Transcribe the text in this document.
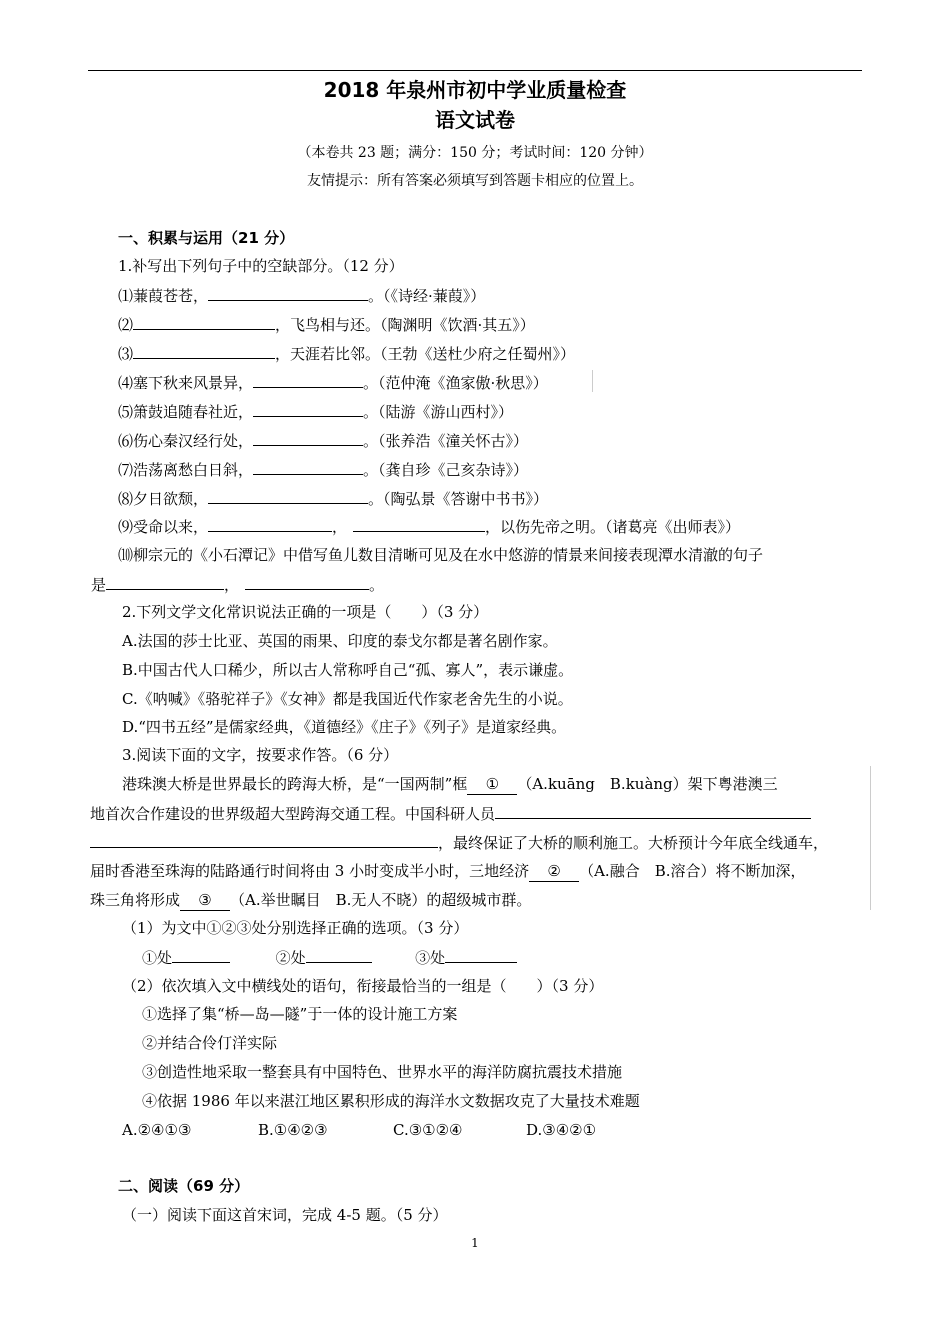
2018 年泉州市初中学业质量检查
语文试卷
（本卷共 23 题；满分：150 分；考试时间：120 分钟）
友情提示：所有答案必须填写到答题卡相应的位置上。
一、积累与运用（21 分）
1.补写出下列句子中的空缺部分。（12 分）
⑴蒹葭苍苍，	。（《诗经·蒹葭》）
⑵	，飞鸟相与还。（陶渊明《饮酒·其五》）
⑶	，天涯若比邻。（王勃《送杜少府之任蜀州》）
⑷塞下秋来风景异，	。（范仲淹《渔家傲·秋思》）
⑸箫鼓追随春社近，	。（陆游《游山西村》）
⑹伤心秦汉经行处，	。（张养浩《潼关怀古》）
⑺浩荡离愁白日斜，	。（龚自珍《己亥杂诗》）
⑻夕日欲颓，	。（陶弘景《答谢中书书》）
⑼受命以来，	，	，以伤先帝之明。（诸葛亮《出师表》）
⑽柳宗元的《小石潭记》中借写鱼儿数目清晰可见及在水中悠游的情景来间接表现潭水清澈的句子
是	，	。
2.下列文学文化常识说法正确的一项是（　　）（3 分）
A.法国的莎士比亚、英国的雨果、印度的泰戈尔都是著名剧作家。
B.中国古代人口稀少，所以古人常称呼自己“孤、寡人”，表示谦虚。
C.《呐喊》《骆驼祥子》《女神》都是我国近代作家老舍先生的小说。
D.“四书五经”是儒家经典，《道德经》《庄子》《列子》是道家经典。
3.阅读下面的文字，按要求作答。（6 分）
港珠澳大桥是世界最长的跨海大桥，是“一国两制”框 ① （A.kuāng　B.kuàng）架下粤港澳三
地首次合作建设的世界级超大型跨海交通工程。中国科研人员
，最终保证了大桥的顺利施工。大桥预计今年底全线通车，
届时香港至珠海的陆路通行时间将由 3 小时变成半小时，三地经济 ② （A.融合　B.溶合）将不断加深，
珠三角将形成 ③ （A.举世瞩目　B.无人不晓）的超级城市群。
（1）为文中①②③处分别选择正确的选项。（3 分）
①处	②处	③处
（2）依次填入文中横线处的语句，衔接最恰当的一组是（　　）（3 分）
①选择了集“桥—岛—隧”于一体的设计施工方案
②并结合伶仃洋实际
③创造性地采取一整套具有中国特色、世界水平的海洋防腐抗震技术措施
④依据 1986 年以来湛江地区累积形成的海洋水文数据攻克了大量技术难题
A.②④①③	B.①④②③	C.③①②④	D.③④②①
二、阅读（69 分）
（一）阅读下面这首宋词，完成 4-5 题。（5 分）
1
